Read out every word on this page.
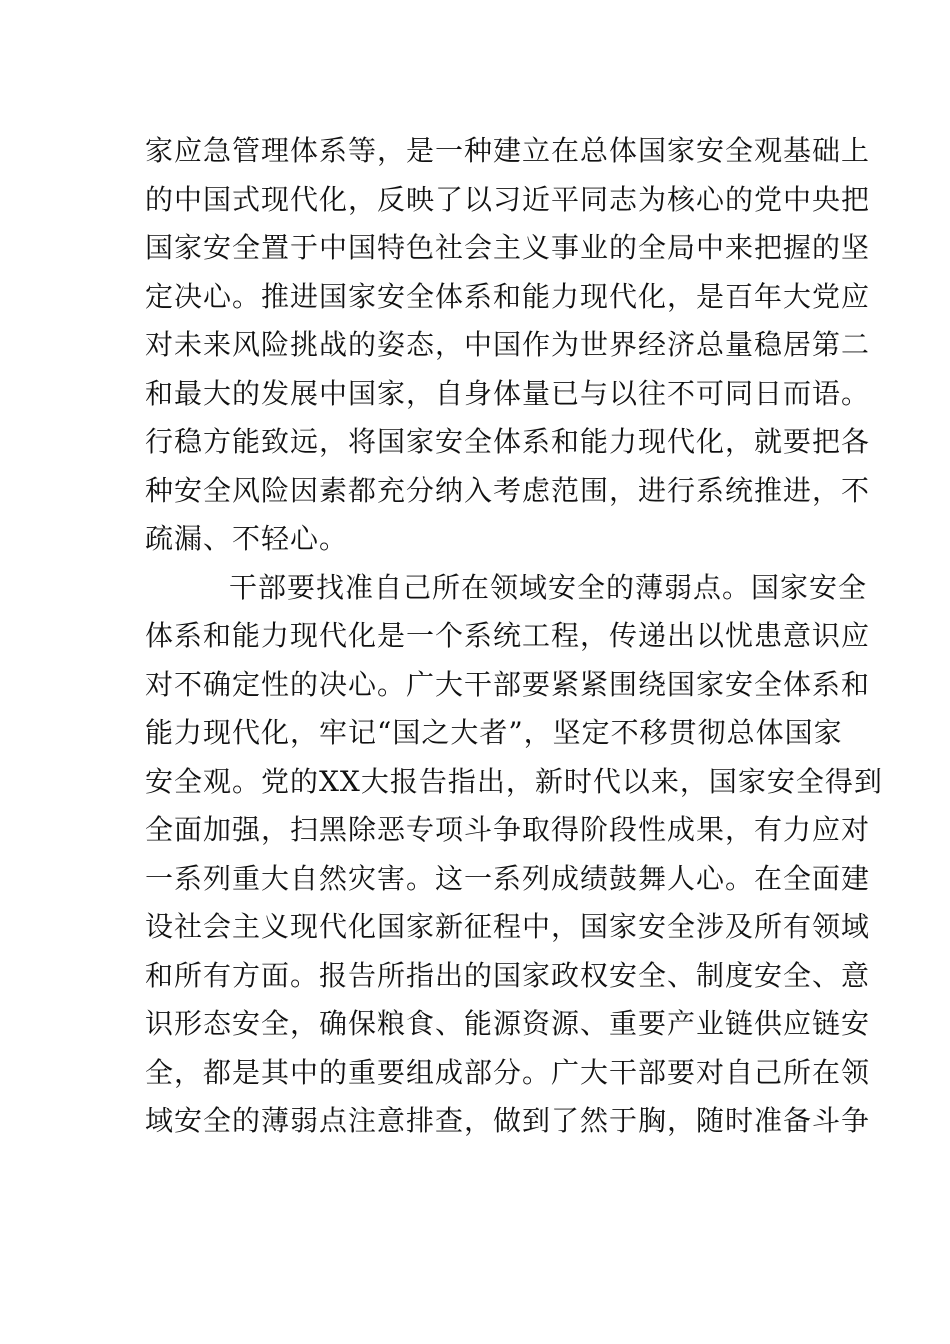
家应急管理体系等，是一种建立在总体国家安全观基础上
的中国式现代化，反映了以习近平同志为核心的党中央把
国家安全置于中国特色社会主义事业的全局中来把握的坚
定决心。推进国家安全体系和能力现代化，是百年大党应
对未来风险挑战的姿态，中国作为世界经济总量稳居第二
和最大的发展中国家，自身体量已与以往不可同日而语。
行稳方能致远，将国家安全体系和能力现代化，就要把各
种安全风险因素都充分纳入考虑范围，进行系统推进，不
疏漏、不轻心。
干部要找准自己所在领域安全的薄弱点。国家安全
体系和能力现代化是一个系统工程，传递出以忧患意识应
对不确定性的决心。广大干部要紧紧围绕国家安全体系和
能力现代化，牢记“国之大者”，坚定不移贯彻总体国家
安全观。党的XX大报告指出，新时代以来，国家安全得到
全面加强，扫黑除恶专项斗争取得阶段性成果，有力应对
一系列重大自然灾害。这一系列成绩鼓舞人心。在全面建
设社会主义现代化国家新征程中，国家安全涉及所有领域
和所有方面。报告所指出的国家政权安全、制度安全、意
识形态安全，确保粮食、能源资源、重要产业链供应链安
全，都是其中的重要组成部分。广大干部要对自己所在领
域安全的薄弱点注意排查，做到了然于胸，随时准备斗争
